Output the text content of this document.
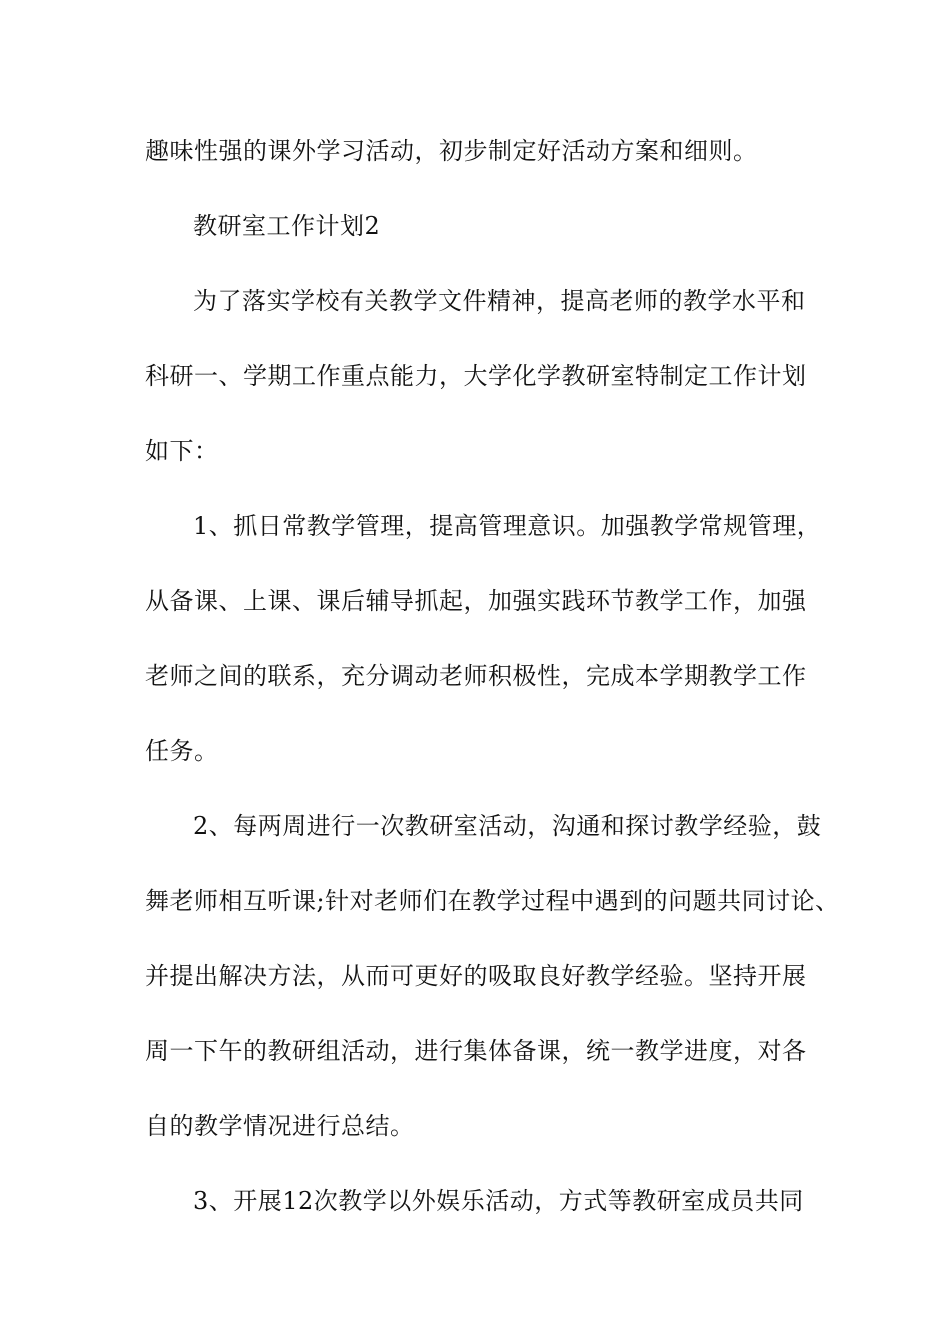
趣味性强的课外学习活动，初步制定好活动方案和细则。
教研室工作计划2
为了落实学校有关教学文件精神，提高老师的教学水平和
科研一、学期工作重点能力，大学化学教研室特制定工作计划
如下：
1、抓日常教学管理，提高管理意识。加强教学常规管理，
从备课、上课、课后辅导抓起，加强实践环节教学工作，加强
老师之间的联系，充分调动老师积极性，完成本学期教学工作
任务。
2、每两周进行一次教研室活动，沟通和探讨教学经验，鼓
舞老师相互听课;针对老师们在教学过程中遇到的问题共同讨论、
并提出解决方法，从而可更好的吸取良好教学经验。坚持开展
周一下午的教研组活动，进行集体备课，统一教学进度，对各
自的教学情况进行总结。
3、开展12次教学以外娱乐活动，方式等教研室成员共同
